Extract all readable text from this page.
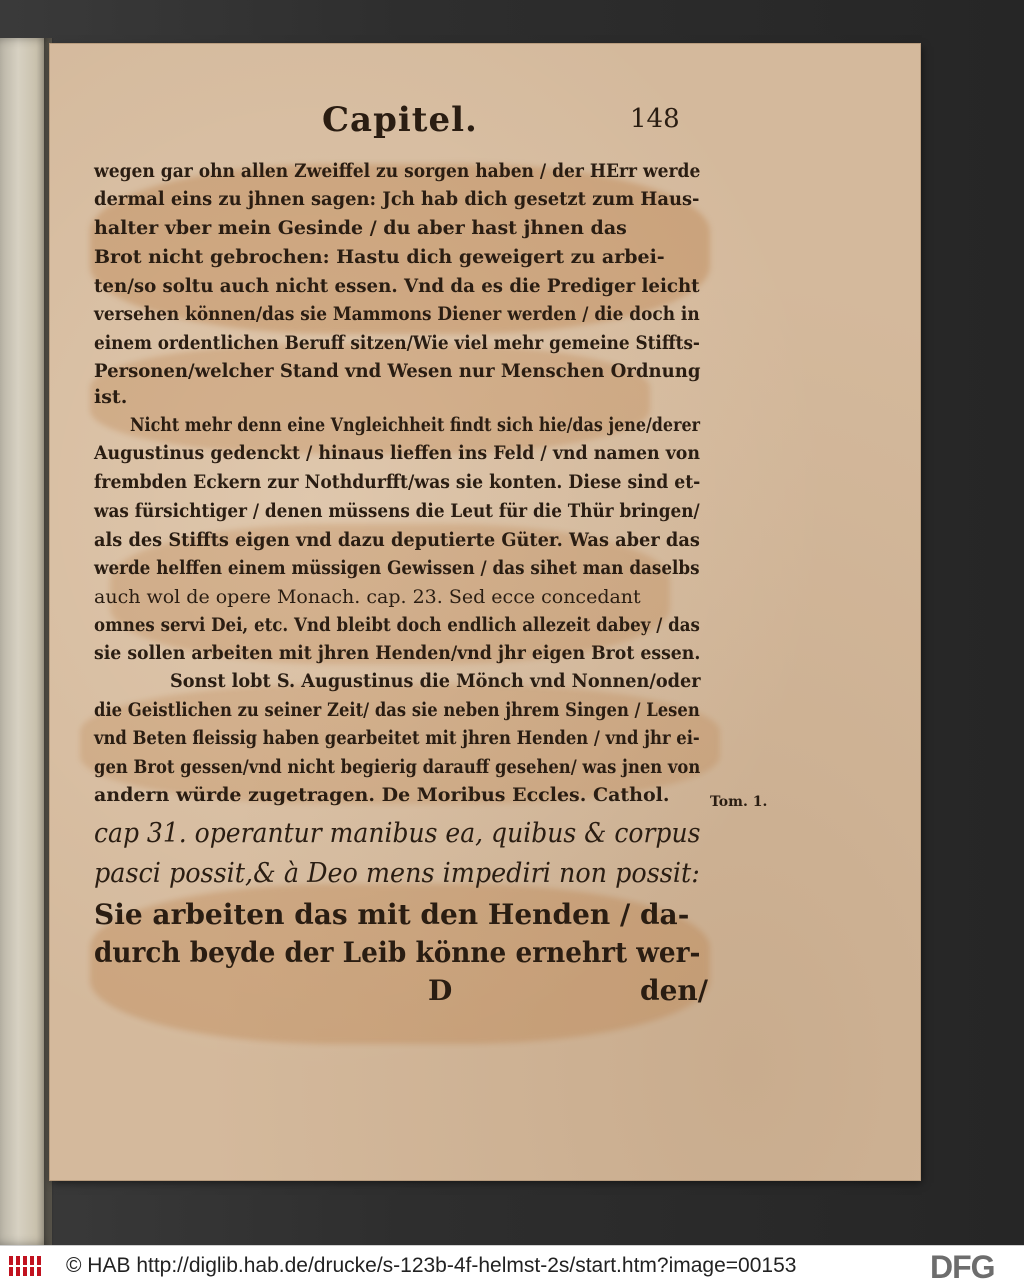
Capitel.	148
wegen gar ohn allen Zweiffel zu sorgen haben / der HErr werde
dermal eins zu jhnen sagen: Jch hab dich gesetzt zum Haus-
halter vber mein Gesinde / du aber hast jhnen das
Brot nicht gebrochen: Hastu dich geweigert zu arbei-
ten/so soltu auch nicht essen. Vnd da es die Prediger leicht
versehen können/das sie Mammons Diener werden / die doch in
einem ordentlichen Beruff sitzen/Wie viel mehr gemeine Stiffts-
Personen/welcher Stand vnd Wesen nur Menschen Ordnung
ist.
Nicht mehr denn eine Vngleichheit findt sich hie/das jene/derer
Augustinus gedenckt / hinaus lieffen ins Feld / vnd namen von
frembden Eckern zur Nothdurfft/was sie konten. Diese sind et-
was fürsichtiger / denen müssens die Leut für die Thür bringen/
als des Stiffts eigen vnd dazu deputierte Güter. Was aber das
werde helffen einem müssigen Gewissen / das sihet man daselbs
auch wol de opere Monach. cap. 23. Sed ecce concedant
omnes servi Dei, etc. Vnd bleibt doch endlich allezeit dabey / das
sie sollen arbeiten mit jhren Henden/vnd jhr eigen Brot essen.
Sonst lobt S. Augustinus die Mönch vnd Nonnen/oder
die Geistlichen zu seiner Zeit/ das sie neben jhrem Singen / Lesen
vnd Beten fleissig haben gearbeitet mit jhren Henden / vnd jhr ei-
gen Brot gessen/vnd nicht begierig darauff gesehen/ was jnen von
andern würde zugetragen. De Moribus Eccles. Cathol.
cap 31. operantur manibus ea, quibus & corpus
pasci possit,& à Deo mens impediri non possit:
Sie arbeiten das mit den Henden / da-
durch beyde der Leib könne ernehrt wer-
Tom. 1.
D	den/
© HAB http://diglib.hab.de/drucke/s-123b-4f-helmst-2s/start.htm?image=00153	DFG
